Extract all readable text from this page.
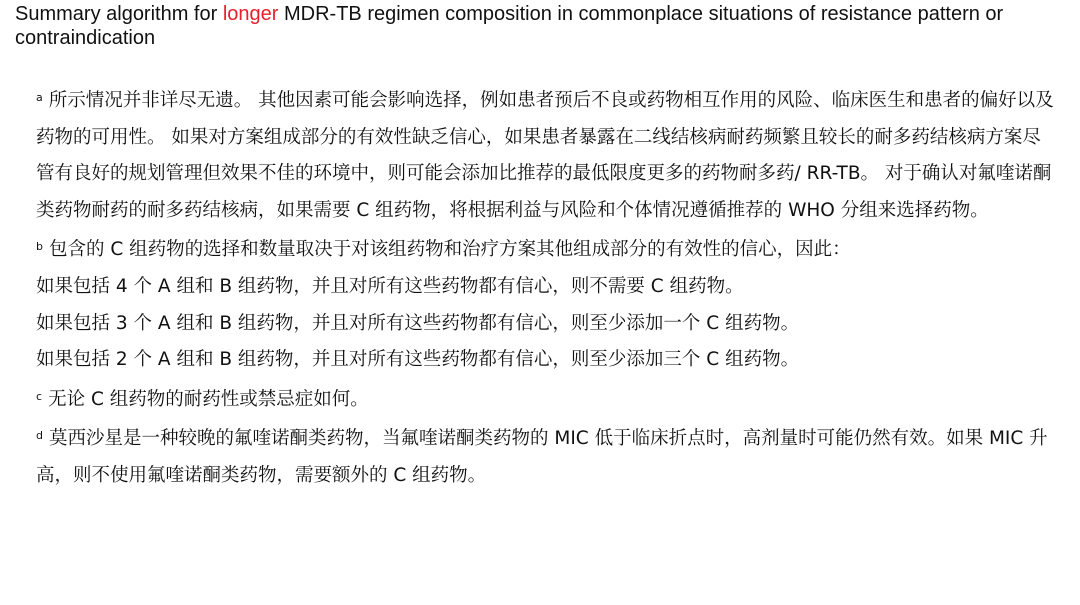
Summary algorithm for longer MDR-TB regimen composition in commonplace situations of resistance pattern or contraindication

$^a$ 所示情况并非详尽无遗。 其他因素可能会影响选择，例如患者预后不良或药物相互作用的风险、临床医生和患者的偏好以及药物的可用性。 如果对方案组成部分的有效性缺乏信心，如果患者暴露在二线结核病耐药频繁且较长的耐多药结核病方案尽管有良好的规划管理但效果不佳的环境中，则可能会添加比推荐的最低限度更多的药物耐多药/ RR-TB。 对于确认对氟喹诺酮类药物耐药的耐多药结核病，如果需要 C 组药物，将根据利益与风险和个体情况遵循推荐的 WHO 分组来选择药物。

$^b$ 包含的 C 组药物的选择和数量取决于对该组药物和治疗方案其他组成部分的有效性的信心，因此：

如果包括 4 个 A 组和 B 组药物，并且对所有这些药物都有信心，则不需要 C 组药物。

如果包括 3 个 A 组和 B 组药物，并且对所有这些药物都有信心，则至少添加一个 C 组药物。

如果包括 2 个 A 组和 B 组药物，并且对所有这些药物都有信心，则至少添加三个 C 组药物。

$^c$ 无论 C 组药物的耐药性或禁忌症如何。

$^d$ 莫西沙星是一种较晚的氟喹诺酮类药物，当氟喹诺酮类药物的 MIC 低于临床折点时，高剂量时可能仍然有效。如果 MIC 升高，则不使用氟喹诺酮类药物，需要额外的 C 组药物。
